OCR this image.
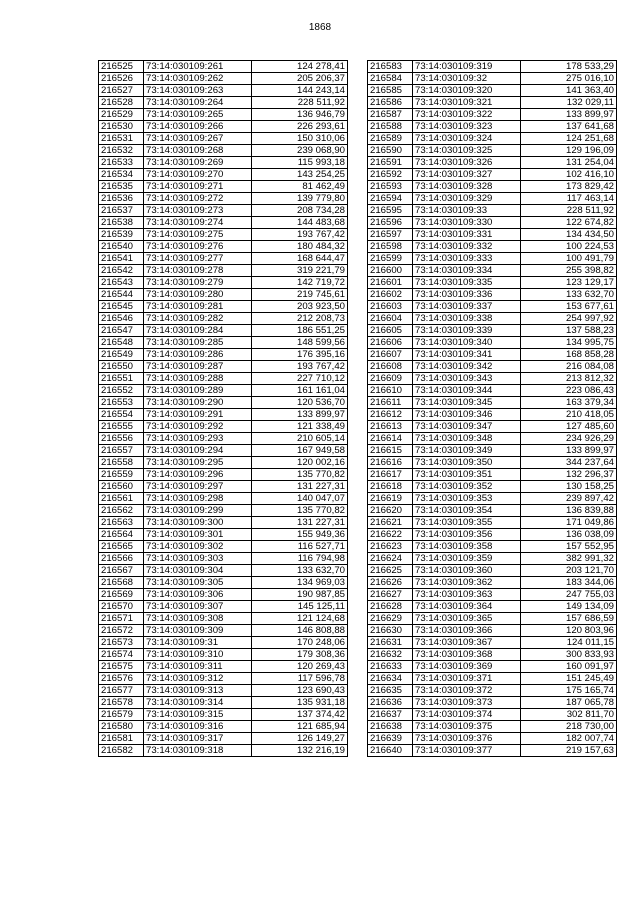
1868
216525	73:14:030109:261	124 278,41
216526	73:14:030109:262	205 206,37
216527	73:14:030109:263	144 243,14
216528	73:14:030109:264	228 511,92
216529	73:14:030109:265	136 946,79
216530	73:14:030109:266	226 293,61
216531	73:14:030109:267	150 310,06
216532	73:14:030109:268	239 068,90
216533	73:14:030109:269	115 993,18
216534	73:14:030109:270	143 254,25
216535	73:14:030109:271	81 462,49
216536	73:14:030109:272	139 779,80
216537	73:14:030109:273	208 734,28
216538	73:14:030109:274	144 483,68
216539	73:14:030109:275	193 767,42
216540	73:14:030109:276	180 484,32
216541	73:14:030109:277	168 644,47
216542	73:14:030109:278	319 221,79
216543	73:14:030109:279	142 719,72
216544	73:14:030109:280	219 745,61
216545	73:14:030109:281	203 923,50
216546	73:14:030109:282	212 208,73
216547	73:14:030109:284	186 551,25
216548	73:14:030109:285	148 599,56
216549	73:14:030109:286	176 395,16
216550	73:14:030109:287	193 767,42
216551	73:14:030109:288	227 710,12
216552	73:14:030109:289	161 161,04
216553	73:14:030109:290	120 536,70
216554	73:14:030109:291	133 899,97
216555	73:14:030109:292	121 338,49
216556	73:14:030109:293	210 605,14
216557	73:14:030109:294	167 949,58
216558	73:14:030109:295	120 002,16
216559	73:14:030109:296	135 770,82
216560	73:14:030109:297	131 227,31
216561	73:14:030109:298	140 047,07
216562	73:14:030109:299	135 770,82
216563	73:14:030109:300	131 227,31
216564	73:14:030109:301	155 949,36
216565	73:14:030109:302	116 527,71
216566	73:14:030109:303	116 794,98
216567	73:14:030109:304	133 632,70
216568	73:14:030109:305	134 969,03
216569	73:14:030109:306	190 987,85
216570	73:14:030109:307	145 125,11
216571	73:14:030109:308	121 124,68
216572	73:14:030109:309	146 808,88
216573	73:14:030109:31	170 248,06
216574	73:14:030109:310	179 308,36
216575	73:14:030109:311	120 269,43
216576	73:14:030109:312	117 596,78
216577	73:14:030109:313	123 690,43
216578	73:14:030109:314	135 931,18
216579	73:14:030109:315	137 374,42
216580	73:14:030109:316	121 685,94
216581	73:14:030109:317	126 149,27
216582	73:14:030109:318	132 216,19
216583	73:14:030109:319	178 533,29
216584	73:14:030109:32	275 016,10
216585	73:14:030109:320	141 363,40
216586	73:14:030109:321	132 029,11
216587	73:14:030109:322	133 899,97
216588	73:14:030109:323	137 641,68
216589	73:14:030109:324	124 251,68
216590	73:14:030109:325	129 196,09
216591	73:14:030109:326	131 254,04
216592	73:14:030109:327	102 416,10
216593	73:14:030109:328	173 829,42
216594	73:14:030109:329	117 463,14
216595	73:14:030109:33	228 511,92
216596	73:14:030109:330	122 674,82
216597	73:14:030109:331	134 434,50
216598	73:14:030109:332	100 224,53
216599	73:14:030109:333	100 491,79
216600	73:14:030109:334	255 398,82
216601	73:14:030109:335	123 129,17
216602	73:14:030109:336	133 632,70
216603	73:14:030109:337	153 677,61
216604	73:14:030109:338	254 997,92
216605	73:14:030109:339	137 588,23
216606	73:14:030109:340	134 995,75
216607	73:14:030109:341	168 858,28
216608	73:14:030109:342	216 084,08
216609	73:14:030109:343	213 812,32
216610	73:14:030109:344	223 086,43
216611	73:14:030109:345	163 379,34
216612	73:14:030109:346	210 418,05
216613	73:14:030109:347	127 485,60
216614	73:14:030109:348	234 926,29
216615	73:14:030109:349	133 899,97
216616	73:14:030109:350	344 237,64
216617	73:14:030109:351	132 296,37
216618	73:14:030109:352	130 158,25
216619	73:14:030109:353	239 897,42
216620	73:14:030109:354	136 839,88
216621	73:14:030109:355	171 049,86
216622	73:14:030109:356	136 038,09
216623	73:14:030109:358	157 552,95
216624	73:14:030109:359	382 991,32
216625	73:14:030109:360	203 121,70
216626	73:14:030109:362	183 344,06
216627	73:14:030109:363	247 755,03
216628	73:14:030109:364	149 134,09
216629	73:14:030109:365	157 686,59
216630	73:14:030109:366	120 803,96
216631	73:14:030109:367	124 011,15
216632	73:14:030109:368	300 833,93
216633	73:14:030109:369	160 091,97
216634	73:14:030109:371	151 245,49
216635	73:14:030109:372	175 165,74
216636	73:14:030109:373	187 065,78
216637	73:14:030109:374	302 811,70
216638	73:14:030109:375	218 730,00
216639	73:14:030109:376	182 007,74
216640	73:14:030109:377	219 157,63
